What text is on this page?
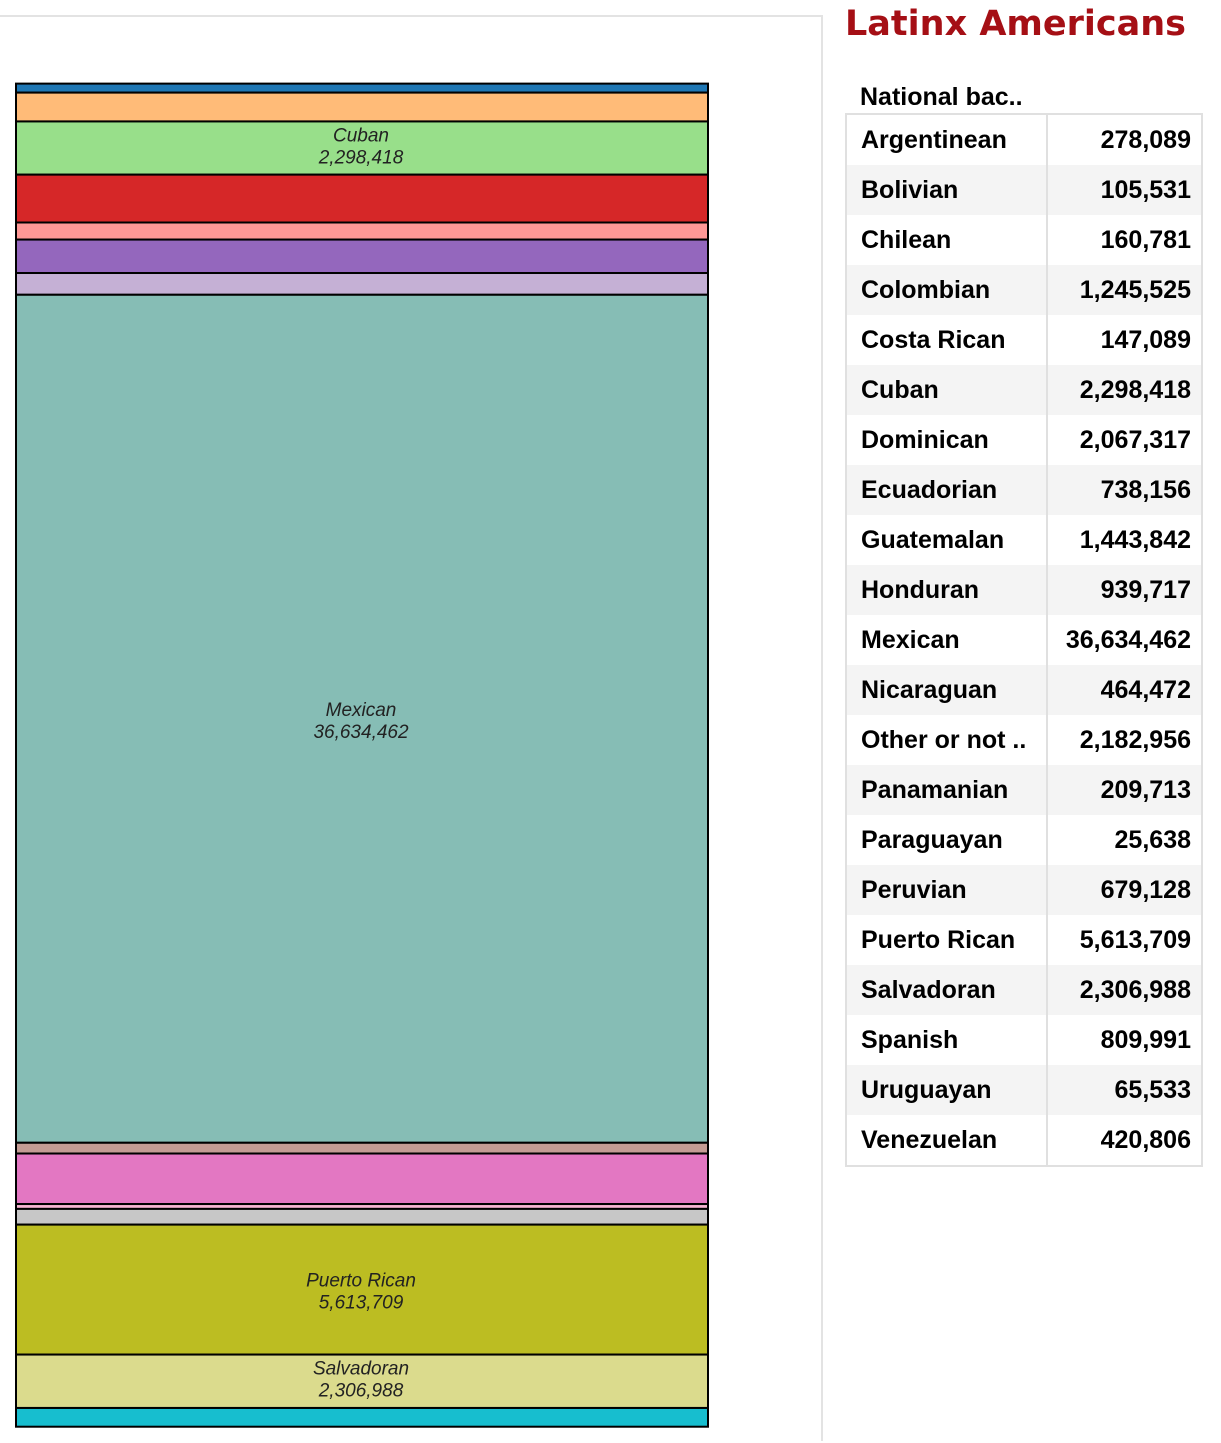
Cuban
2,298,418
Mexican
36,634,462
Puerto Rican
5,613,709
Salvadoran
2,306,988
Latinx Americans
National bac..
Argentinean	278,089
Bolivian	105,531
Chilean	160,781
Colombian	1,245,525
Costa Rican	147,089
Cuban	2,298,418
Dominican	2,067,317
Ecuadorian	738,156
Guatemalan	1,443,842
Honduran	939,717
Mexican	36,634,462
Nicaraguan	464,472
Other or not ..	2,182,956
Panamanian	209,713
Paraguayan	25,638
Peruvian	679,128
Puerto Rican	5,613,709
Salvadoran	2,306,988
Spanish	809,991
Uruguayan	65,533
Venezuelan	420,806
